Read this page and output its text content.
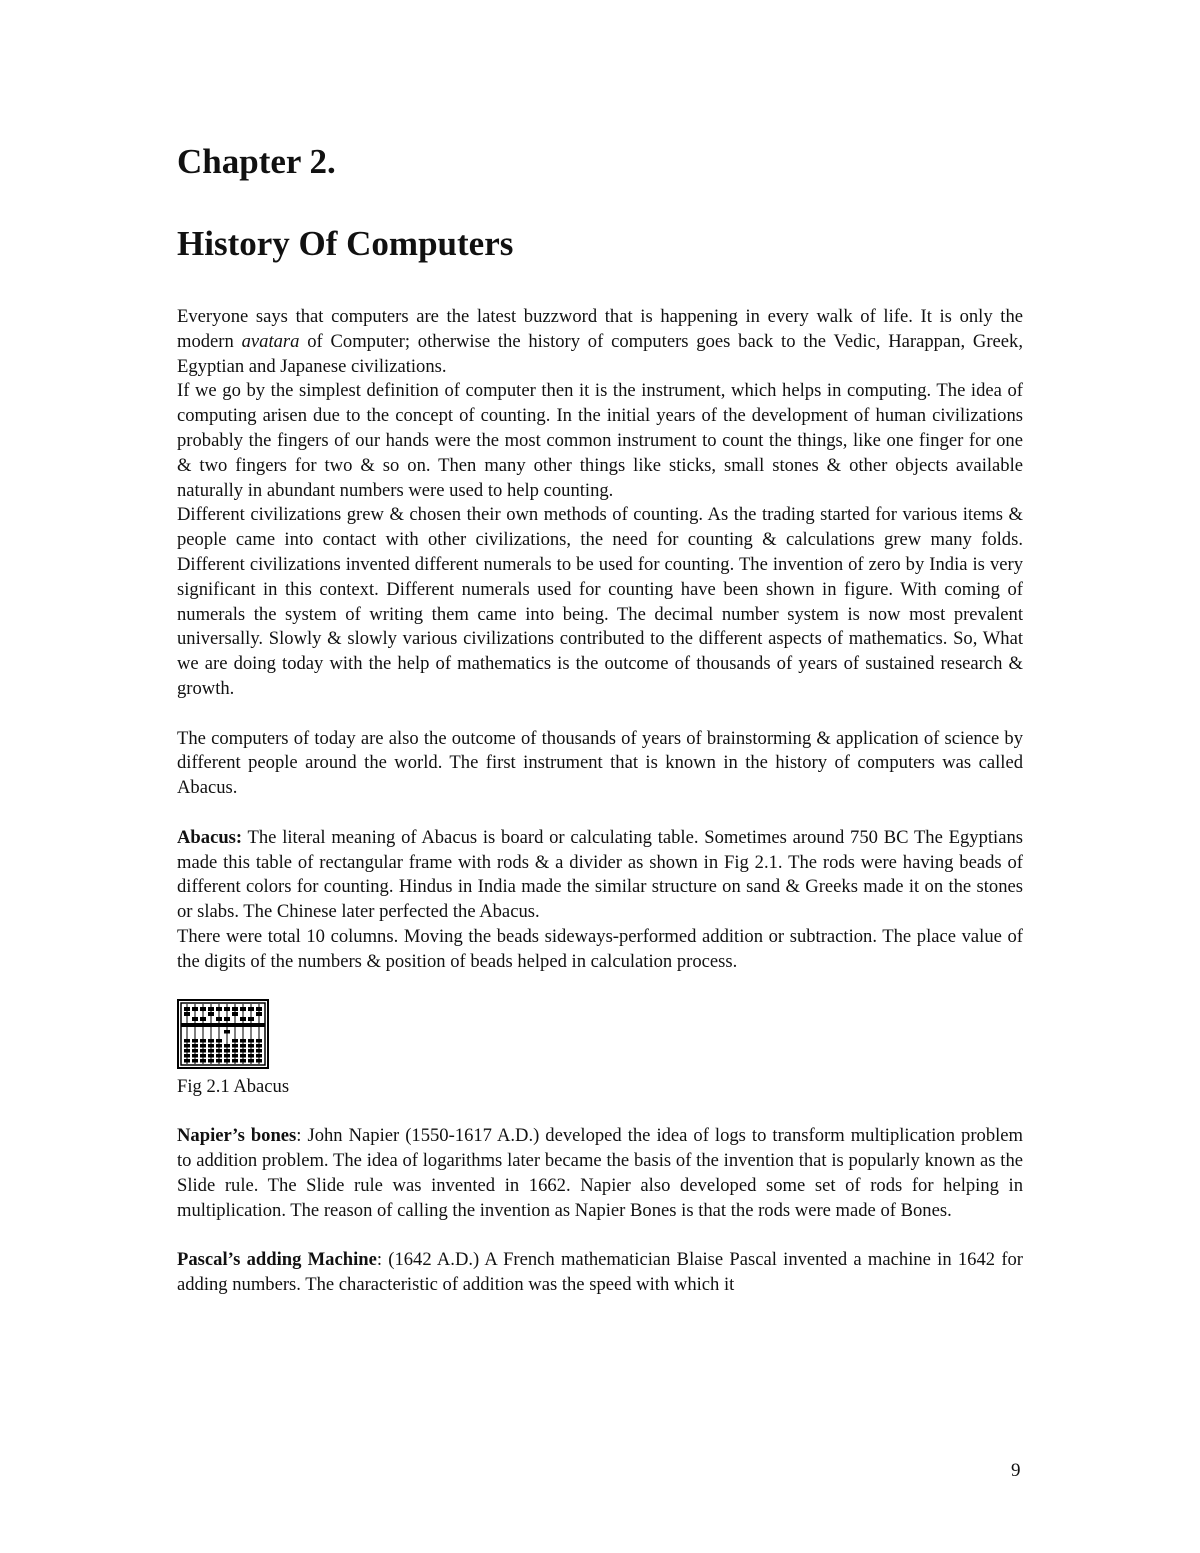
Chapter 2.
History Of Computers

Everyone says that computers are the latest buzzword that is happening in every walk of life. It is only the modern avatara of Computer; otherwise the history of computers goes back to the Vedic, Harappan, Greek, Egyptian and Japanese civilizations.

If we go by the simplest definition of computer then it is the instrument, which helps in computing. The idea of computing arisen due to the concept of counting. In the initial years of the development of human civilizations probably the fingers of our hands were the most common instrument to count the things, like one finger for one & two fingers for two & so on. Then many other things like sticks, small stones & other objects available naturally in abundant numbers were used to help counting.

Different civilizations grew & chosen their own methods of counting. As the trading started for various items & people came into contact with other civilizations, the need for counting & calculations grew many folds. Different civilizations invented different numerals to be used for counting. The invention of zero by India is very significant in this context. Different numerals used for counting have been shown in figure. With coming of numerals the system of writing them came into being. The decimal number system is now most prevalent universally. Slowly & slowly various civilizations contributed to the different aspects of mathematics. So, What we are doing today with the help of mathematics is the outcome of thousands of years of sustained research & growth.

The computers of today are also the outcome of thousands of years of brainstorming & application of science by different people around the world. The first instrument that is known in the history of computers was called Abacus.

Abacus: The literal meaning of Abacus is board or calculating table. Sometimes around 750 BC The Egyptians made this table of rectangular frame with rods & a divider as shown in Fig 2.1. The rods were having beads of different colors for counting. Hindus in India made the similar structure on sand & Greeks made it on the stones or slabs. The Chinese later perfected the Abacus.

There were total 10 columns. Moving the beads sideways-performed addition or subtraction. The place value of the digits of the numbers & position of beads helped in calculation process.

Fig 2.1 Abacus

Napier’s bones: John Napier (1550-1617 A.D.) developed the idea of logs to transform multiplication problem to addition problem. The idea of logarithms later became the basis of the invention that is popularly known as the Slide rule. The Slide rule was invented in 1662. Napier also developed some set of rods for helping in multiplication. The reason of calling the invention as Napier Bones is that the rods were made of Bones.

Pascal’s adding Machine: (1642 A.D.) A French mathematician Blaise Pascal invented a machine in 1642 for adding numbers. The characteristic of addition was the speed with which it

9
